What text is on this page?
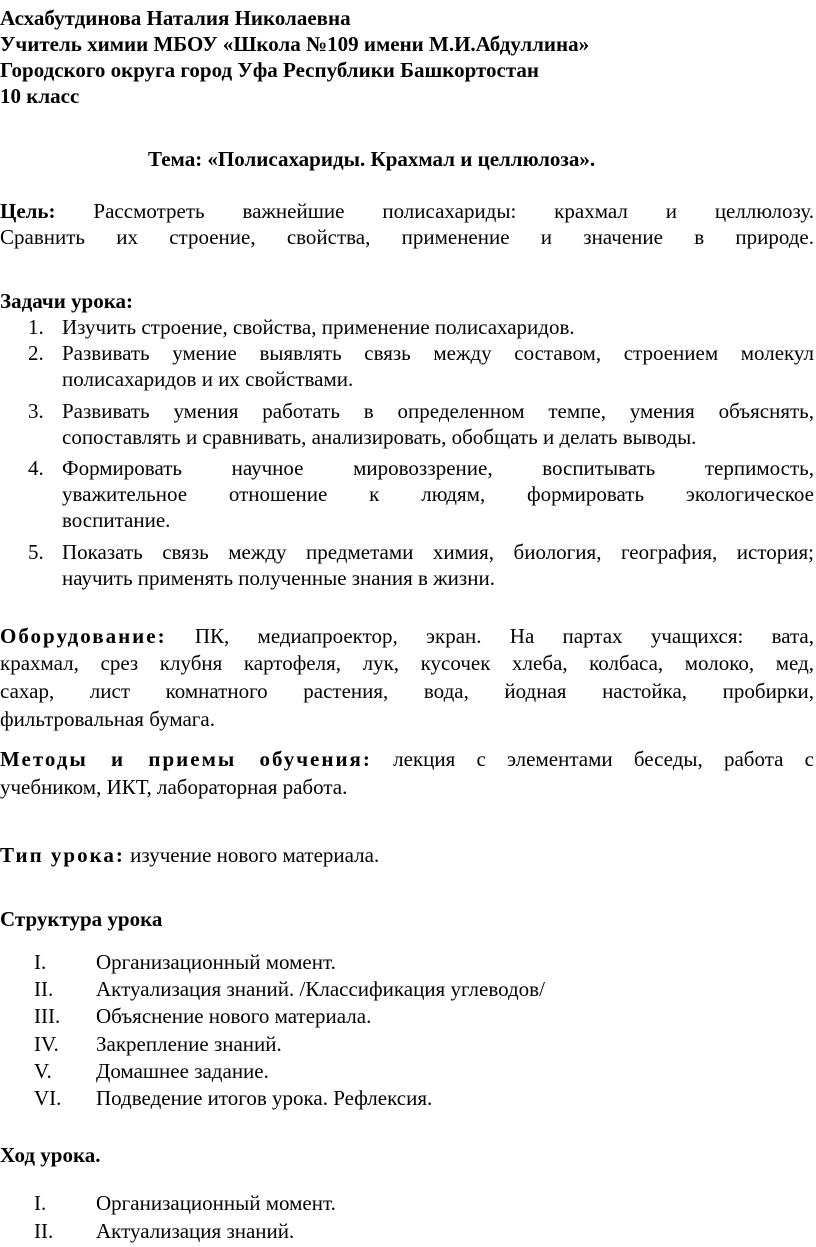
Асхабутдинова Наталия Николаевна
Учитель химии МБОУ «Школа №109 имени М.И.Абдуллина»
Городского округа город Уфа Республики Башкортостан
10 класс
Тема: «Полисахариды. Крахмал и целлюлоза».
Цель: Рассмотреть важнейшие полисахариды: крахмал и целлюлозу.
Сравнить их строение, свойства, применение и значение в природе.
Задачи урока:
1. Изучить строение, свойства, применение полисахаридов.
2. Развивать умение выявлять связь между составом, строением молекул
полисахаридов и их свойствами.
3. Развивать умения работать в определенном темпе, умения объяснять,
сопоставлять и сравнивать, анализировать, обобщать и делать выводы.
4. Формировать научное мировоззрение, воспитывать терпимость,
уважительное отношение к людям, формировать экологическое
воспитание.
5. Показать связь между предметами химия, биология, география, история;
научить применять полученные знания в жизни.
Оборудование: ПК, медиапроектор, экран. На партах учащихся: вата,
крахмал, срез клубня картофеля, лук, кусочек хлеба, колбаса, молоко, мед,
сахар, лист комнатного растения, вода, йодная настойка, пробирки,
фильтровальная бумага.
Методы и приемы обучения: лекция с элементами беседы, работа с
учебником, ИКТ, лабораторная работа.
Тип урока: изучение нового материала.
Структура урока
I. Организационный момент.
II. Актуализация знаний. /Классификация углеводов/
III. Объяснение нового материала.
IV. Закрепление знаний.
V. Домашнее задание.
VI. Подведение итогов урока. Рефлексия.
Ход урока.
I. Организационный момент.
II. Актуализация знаний.
